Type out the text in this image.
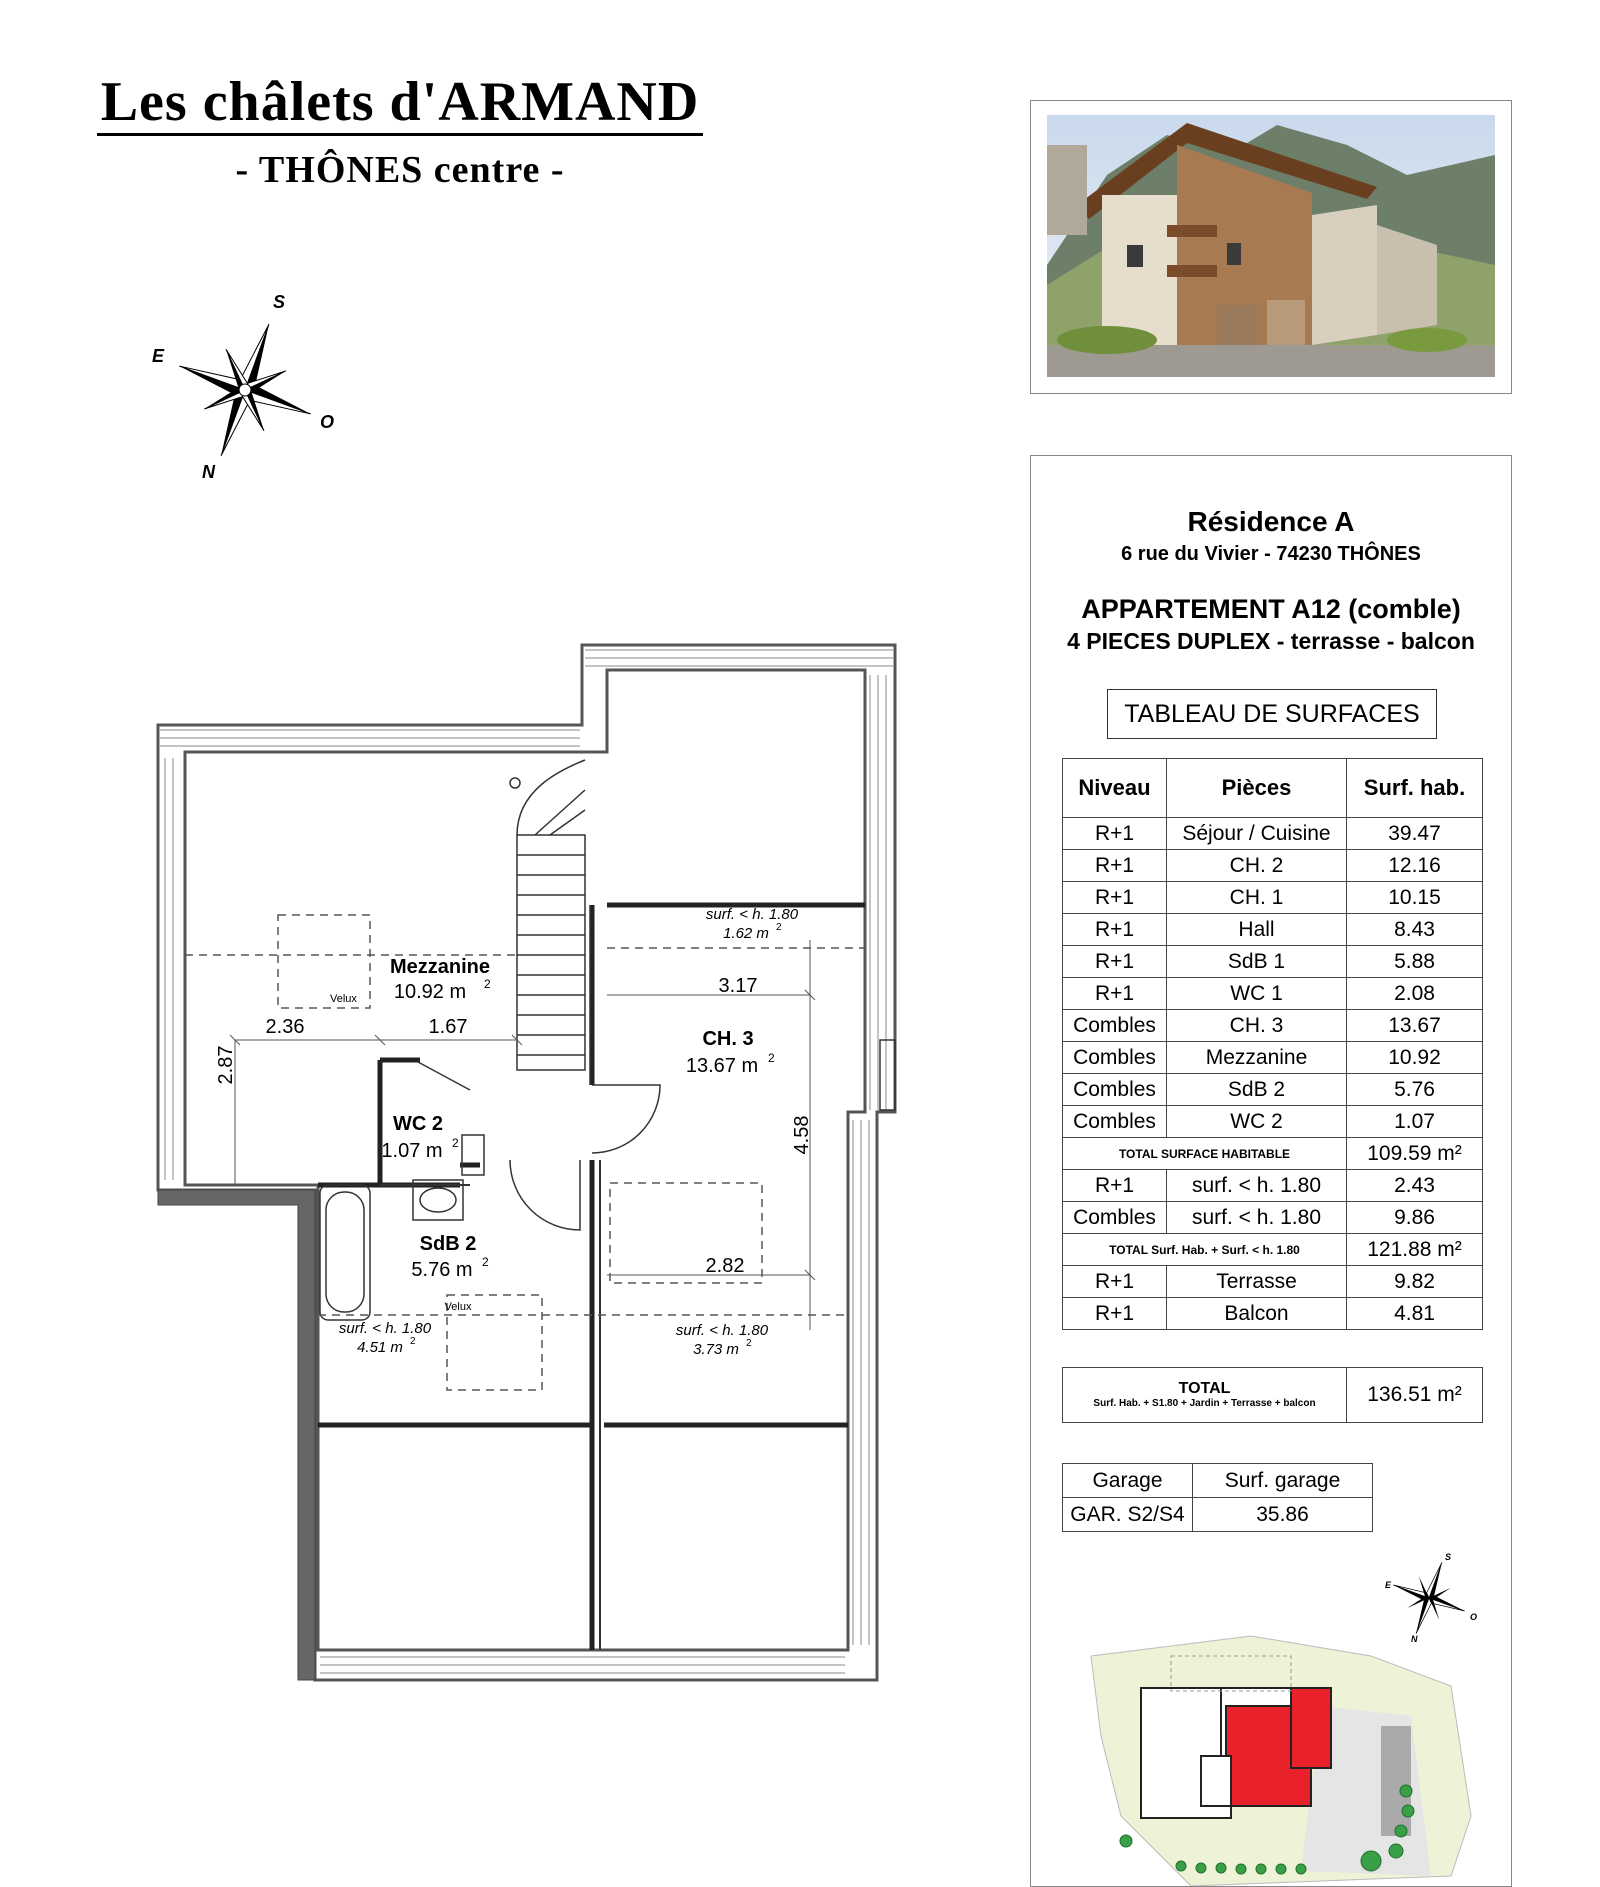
Les châlets d'ARMAND
- THÔNES centre -
S
E
O
N
Mezzanine
10.92 m 2
Velux
CH. 3
13.67 m 2
WC 2
1.07 m 2
SdB 2
5.76 m 2
Velux
surf. < h. 1.80
1.62 m 2
surf. < h. 1.80
4.51 m 2
surf. < h. 1.80
3.73 m 2
3.17
2.36	1.67
2.87
4.58
2.82
Résidence A
6 rue du Vivier - 74230 THÔNES
APPARTEMENT A12 (comble)
4 PIECES DUPLEX - terrasse - balcon
TABLEAU DE SURFACES
Niveau	Pièces	Surf. hab.
R+1	Séjour / Cuisine	39.47
R+1	CH. 2	12.16
R+1	CH. 1	10.15
R+1	Hall	8.43
R+1	SdB 1	5.88
R+1	WC 1	2.08
Combles	CH. 3	13.67
Combles	Mezzanine	10.92
Combles	SdB 2	5.76
Combles	WC 2	1.07
TOTAL SURFACE HABITABLE		109.59 m²
R+1	surf. < h. 1.80	2.43
Combles	surf. < h. 1.80	9.86
TOTAL Surf. Hab. + Surf. < h. 1.80		121.88 m²
R+1	Terrasse	9.82
R+1	Balcon	4.81
TOTAL
Surf. Hab. + S1.80 + Jardin + Terrasse + balcon	136.51 m²
Garage	Surf. garage
GAR. S2/S4	35.86
S
E
O
N
